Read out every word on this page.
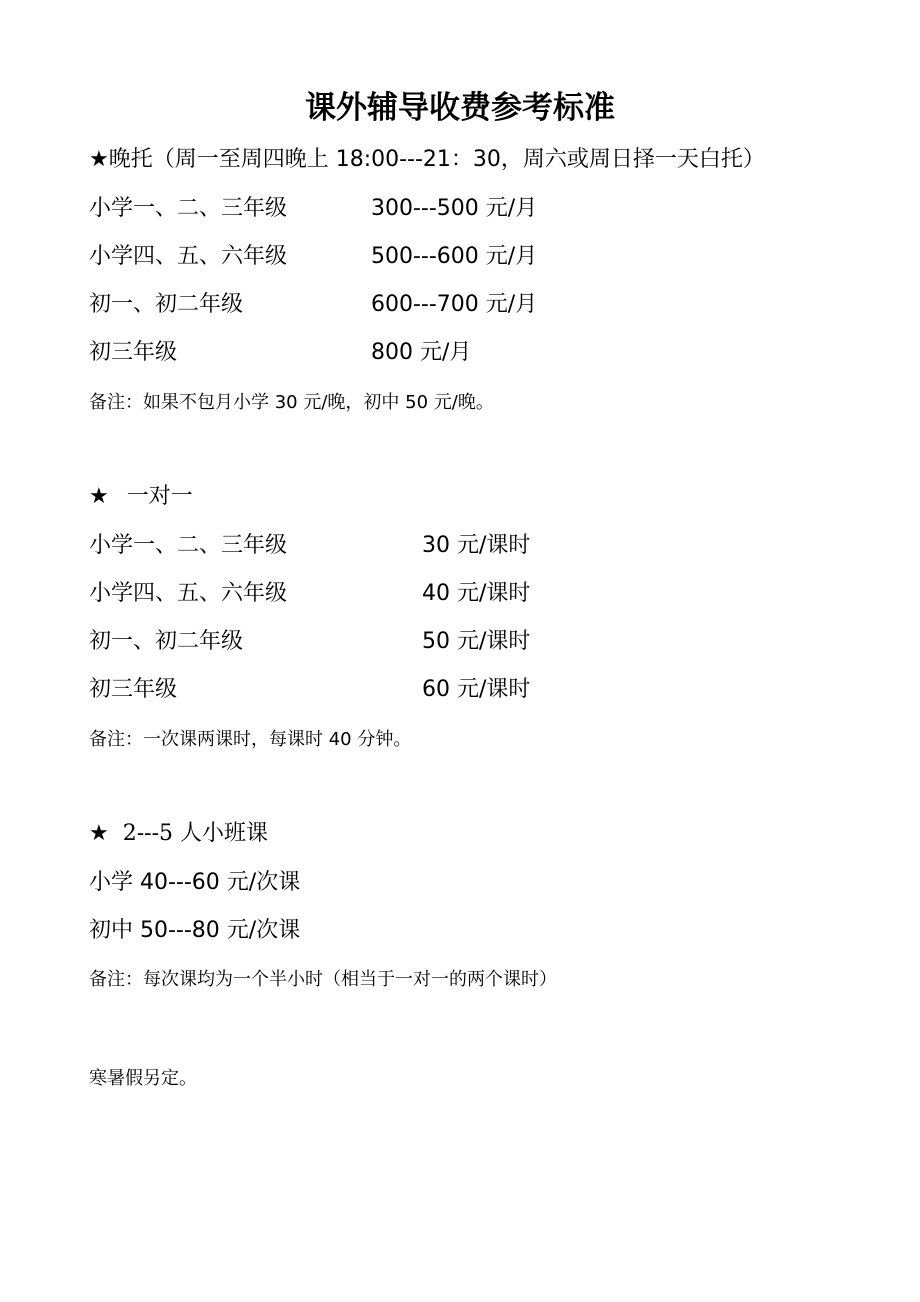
课外辅导收费参考标准
★晚托（周一至周四晚上 18:00---21：30，周六或周日择一天白托）
小学一、二、三年级	300---500 元/月
小学四、五、六年级	500---600 元/月
初一、初二年级	600---700 元/月
初三年级	800 元/月
备注：如果不包月小学 30 元/晚，初中 50 元/晚。
★ 一对一
小学一、二、三年级	30 元/课时
小学四、五、六年级	40 元/课时
初一、初二年级	50 元/课时
初三年级	60 元/课时
备注：一次课两课时，每课时 40 分钟。
★ 2---5 人小班课
小学 40---60 元/次课
初中 50---80 元/次课
备注：每次课均为一个半小时（相当于一对一的两个课时）
寒暑假另定。
